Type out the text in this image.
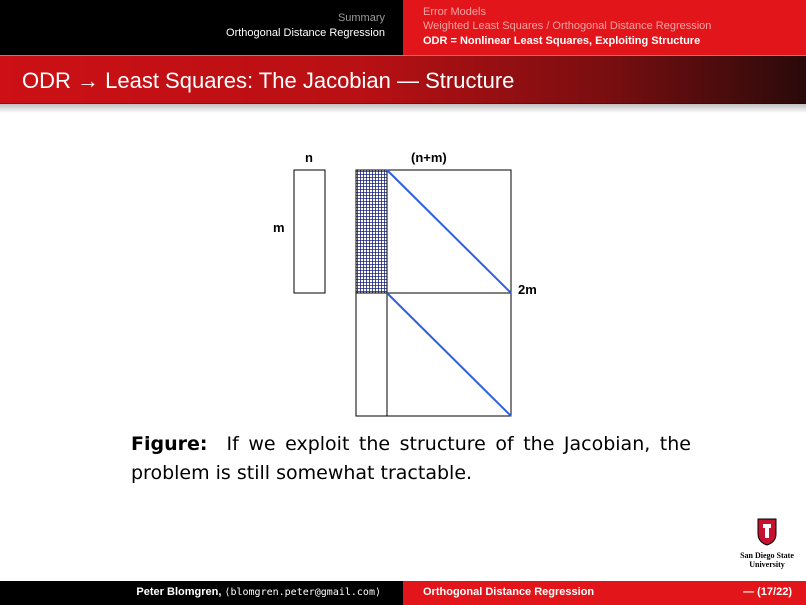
Summary
Orthogonal Distance Regression
Error Models
Weighted Least Squares / Orthogonal Distance Regression
ODR = Nonlinear Least Squares, Exploiting Structure
ODR → Least Squares: The Jacobian — Structure
n	(n+m)
m
2m
Figure: If we exploit the structure of the Jacobian, the problem is still somewhat tractable.
San Diego State
University
Peter Blomgren, ⟨blomgren.peter@gmail.com⟩	Orthogonal Distance Regression	— (17/22)
